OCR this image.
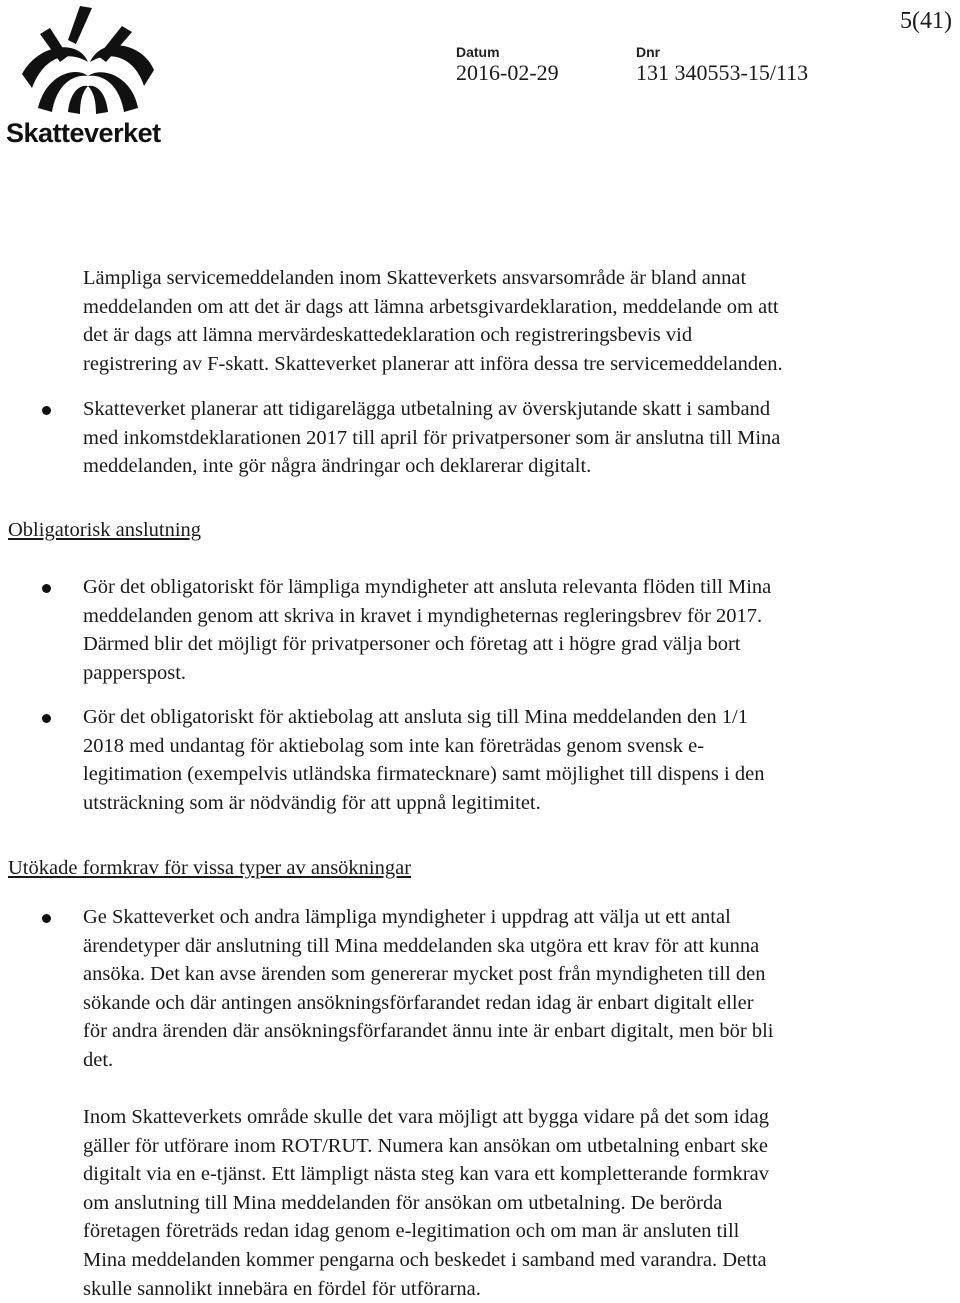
Skatteverket
5(41)
Datum
2016-02-29
Dnr
131 340553-15/113
Lämpliga servicemeddelanden inom Skatteverkets ansvarsområde är bland annat
meddelanden om att det är dags att lämna arbetsgivardeklaration, meddelande om att
det är dags att lämna mervärdeskattedeklaration och registreringsbevis vid
registrering av F-skatt. Skatteverket planerar att införa dessa tre servicemeddelanden.
Skatteverket planerar att tidigarelägga utbetalning av överskjutande skatt i samband
med inkomstdeklarationen 2017 till april för privatpersoner som är anslutna till Mina
meddelanden, inte gör några ändringar och deklarerar digitalt.
Obligatorisk anslutning
Gör det obligatoriskt för lämpliga myndigheter att ansluta relevanta flöden till Mina
meddelanden genom att skriva in kravet i myndigheternas regleringsbrev för 2017.
Därmed blir det möjligt för privatpersoner och företag att i högre grad välja bort
papperspost.
Gör det obligatoriskt för aktiebolag att ansluta sig till Mina meddelanden den 1/1
2018 med undantag för aktiebolag som inte kan företrädas genom svensk e-
legitimation (exempelvis utländska firmatecknare) samt möjlighet till dispens i den
utsträckning som är nödvändig för att uppnå legitimitet.
Utökade formkrav för vissa typer av ansökningar
Ge Skatteverket och andra lämpliga myndigheter i uppdrag att välja ut ett antal
ärendetyper där anslutning till Mina meddelanden ska utgöra ett krav för att kunna
ansöka. Det kan avse ärenden som genererar mycket post från myndigheten till den
sökande och där antingen ansökningsförfarandet redan idag är enbart digitalt eller
för andra ärenden där ansökningsförfarandet ännu inte är enbart digitalt, men bör bli
det.
Inom Skatteverkets område skulle det vara möjligt att bygga vidare på det som idag
gäller för utförare inom ROT/RUT. Numera kan ansökan om utbetalning enbart ske
digitalt via en e-tjänst. Ett lämpligt nästa steg kan vara ett kompletterande formkrav
om anslutning till Mina meddelanden för ansökan om utbetalning. De berörda
företagen företräds redan idag genom e-legitimation och om man är ansluten till
Mina meddelanden kommer pengarna och beskedet i samband med varandra. Detta
skulle sannolikt innebära en fördel för utförarna.
